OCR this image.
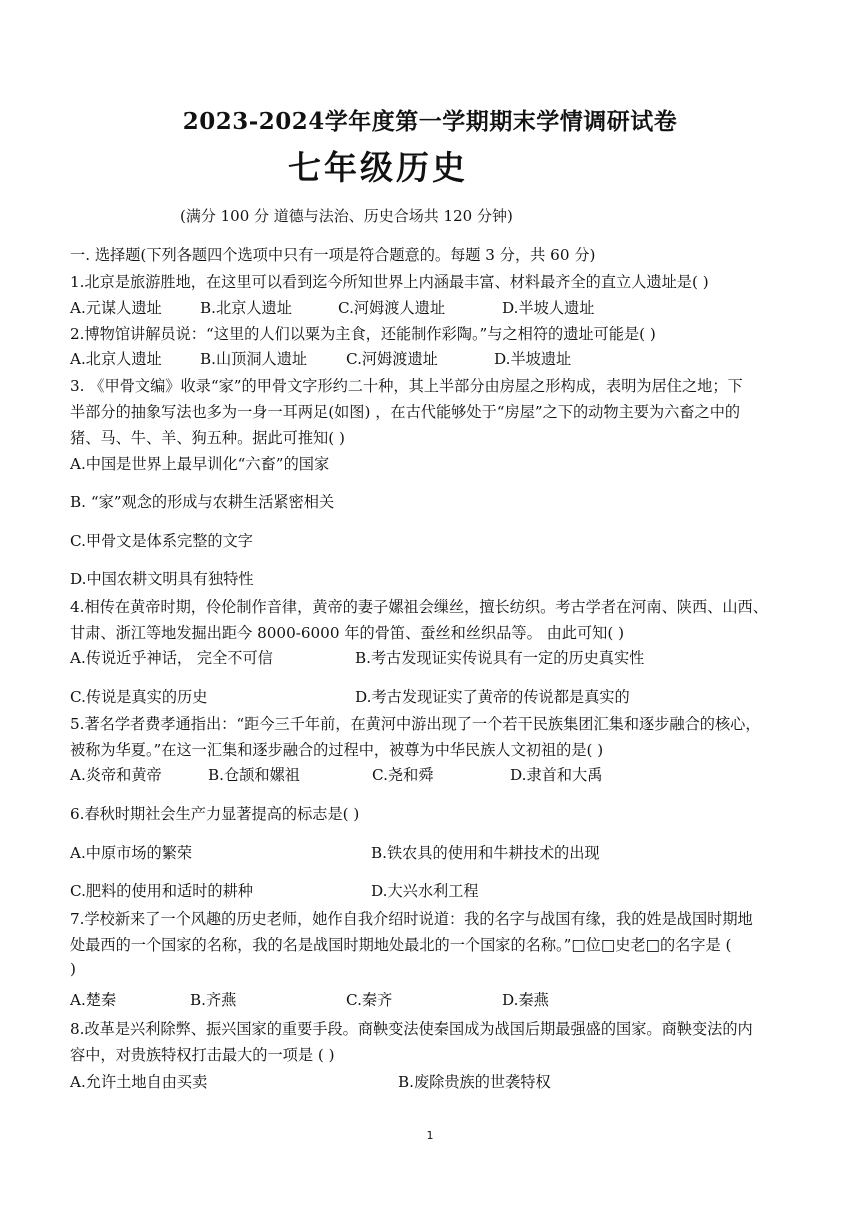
2023-2024学年度第一学期期末学情调研试卷
七年级历史
(满分 100 分 道德与法治、历史合场共 120 分钟)
一. 选择题(下列各题四个选项中只有一项是符合题意的。每题 3 分，共 60 分)
1.北京是旅游胜地，在这里可以看到迄今所知世界上内涵最丰富、材料最齐全的直立人遗址是( )
A.元谋人遗址	B.北京人遗址	C.河姆渡人遗址	D.半坡人遗址
2.博物馆讲解员说：“这里的人们以粟为主食，还能制作彩陶。”与之相符的遗址可能是( )
A.北京人遗址	B.山顶洞人遗址	C.河姆渡遗址	D.半坡遗址
3. 《甲骨文编》收录“家”的甲骨文字形约二十种，其上半部分由房屋之形构成，表明为居住之地；下
半部分的抽象写法也多为一身一耳两足(如图) ，在古代能够处于“房屋”之下的动物主要为六畜之中的
猪、马、牛、羊、狗五种。据此可推知( )
A.中国是世界上最早训化“六畜”的国家
B. “家”观念的形成与农耕生活紧密相关
C.甲骨文是体系完整的文字
D.中国农耕文明具有独特性
4.相传在黄帝时期，伶伦制作音律，黄帝的妻子嫘祖会缫丝，擅长纺织。考古学者在河南、陕西、山西、
甘肃、浙江等地发掘出距今 8000-6000 年的骨笛、蚕丝和丝织品等。 由此可知( )
A.传说近乎神话， 完全不可信	B.考古发现证实传说具有一定的历史真实性
C.传说是真实的历史	D.考古发现证实了黄帝的传说都是真实的
5.著名学者费孝通指出：“距今三千年前，在黄河中游出现了一个若干民族集团汇集和逐步融合的核心，
被称为华夏。”在这一汇集和逐步融合的过程中，被尊为中华民族人文初祖的是( )
A.炎帝和黄帝	B.仓颉和嫘祖	C.尧和舜	D.隶首和大禹
6.春秋时期社会生产力显著提高的标志是( )
A.中原市场的繁荣	B.铁农具的使用和牛耕技术的出现
C.肥料的使用和适时的耕种	D.大兴水利工程
7.学校新来了一个风趣的历史老师，她作自我介绍时说道：我的名字与战国有缘，我的姓是战国时期地
处最西的一个国家的名称，我的名是战国时期地处最北的一个国家的名称。”□位□史老□的名字是 (
)
A.楚秦	B.齐燕	C.秦齐	D.秦燕
8.改革是兴利除弊、振兴国家的重要手段。商鞅变法使秦国成为战国后期最强盛的国家。商鞅变法的内
容中，对贵族特权打击最大的一项是 ( )
A.允许土地自由买卖	B.废除贵族的世袭特权
1
